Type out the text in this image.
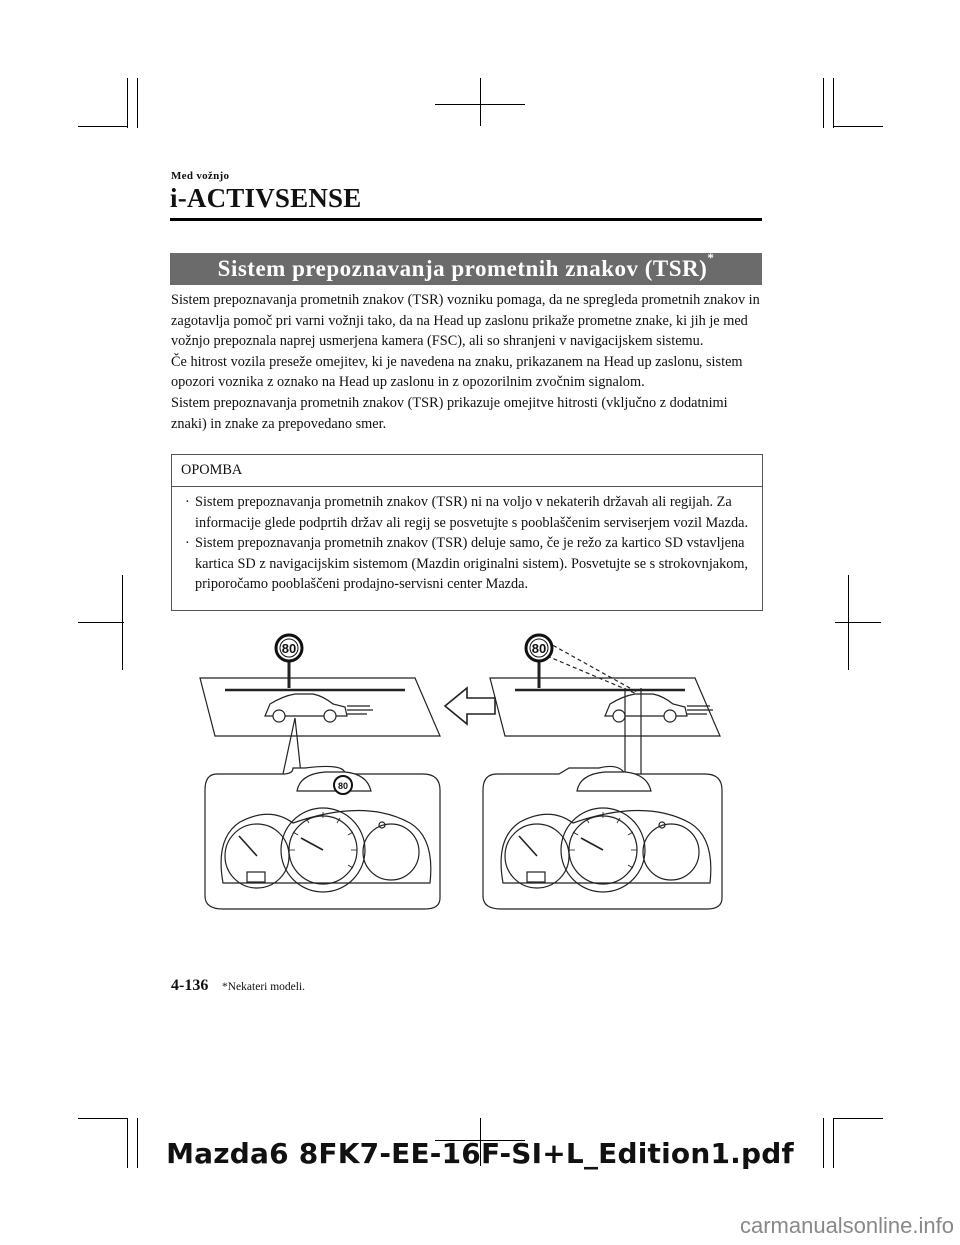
Med vožnjo
i-ACTIVSENSE
Sistem prepoznavanja prometnih znakov (TSR)*

Sistem prepoznavanja prometnih znakov (TSR) vozniku pomaga, da ne spregleda prometnih znakov in zagotavlja pomoč pri varni vožnji tako, da na Head up zaslonu prikaže prometne znake, ki jih je med vožnjo prepoznala naprej usmerjena kamera (FSC), ali so shranjeni v navigacijskem sistemu.

Če hitrost vozila preseže omejitev, ki je navedena na znaku, prikazanem na Head up zaslonu, sistem opozori voznika z oznako na Head up zaslonu in z opozorilnim zvočnim signalom.

Sistem prepoznavanja prometnih znakov (TSR) prikazuje omejitve hitrosti (vključno z dodatnimi znaki) in znake za prepovedano smer.

OPOMBA
· Sistem prepoznavanja prometnih znakov (TSR) ni na voljo v nekaterih državah ali regijah. Za informacije glede podprtih držav ali regij se posvetujte s pooblaščenim serviserjem vozil Mazda.
· Sistem prepoznavanja prometnih znakov (TSR) deluje samo, če je režo za kartico SD vstavljena kartica SD z navigacijskim sistemom (Mazdin originalni sistem). Posvetujte se s strokovnjakom, priporočamo pooblaščeni prodajno-servisni center Mazda.
80	80
80
4-136 *Nekateri modeli.
Mazda6 8FK7-EE-16F-SI+L_Edition1.pdf
carmanualsonline.info
